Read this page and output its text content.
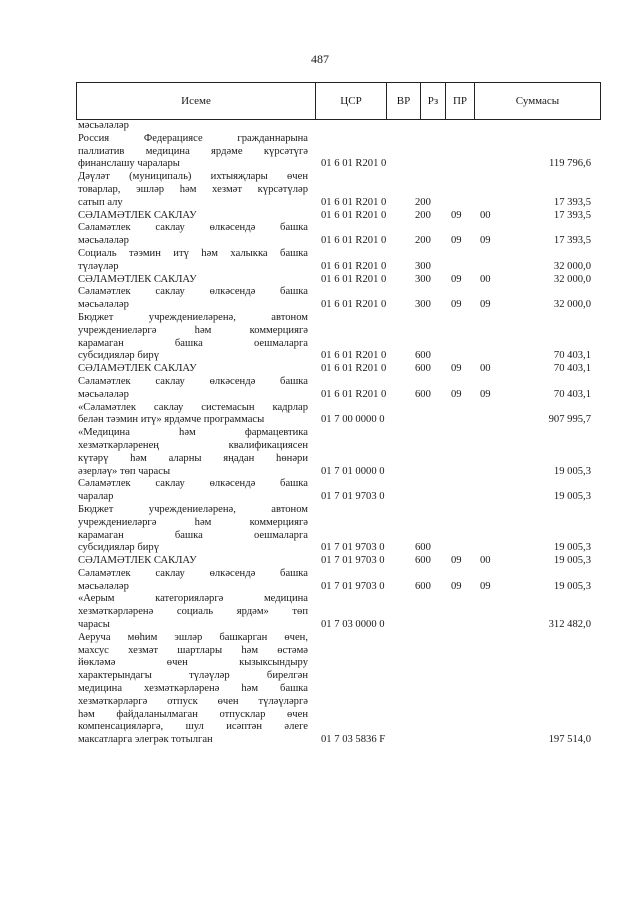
487
Исеме	ЦСР	ВР	Рз	ПР	Суммасы
мәсьәләләр
Россия Федерациясе гражданнарына
паллиатив медицина ярдәме күрсәтүгә
финанслашу чаралары	01 6 01 R201 0	119 796,6
Дәүләт (муниципаль) ихтыяҗлары өчен
товарлар, эшләр һәм хезмәт күрсәтүләр
сатып алу	01 6 01 R201 0	200	17 393,5
СӘЛАМӘТЛЕК САКЛАУ	01 6 01 R201 0	200 09 00	17 393,5
Сәламәтлек саклау өлкәсендә башка
мәсьәләләр	01 6 01 R201 0	200 09 09	17 393,5
Социаль тәэмин итү һәм халыкка башка
түләүләр	01 6 01 R201 0	300	32 000,0
СӘЛАМӘТЛЕК САКЛАУ	01 6 01 R201 0	300 09 00	32 000,0
Сәламәтлек саклау өлкәсендә башка
мәсьәләләр	01 6 01 R201 0	300 09 09	32 000,0
Бюджет учреждениеләренә, автоном
учреждениеләргә һәм коммерциягә
карамаган башка оешмаларга
субсидияләр бирү	01 6 01 R201 0	600	70 403,1
СӘЛАМӘТЛЕК САКЛАУ	01 6 01 R201 0	600 09 00	70 403,1
Сәламәтлек саклау өлкәсендә башка
мәсьәләләр	01 6 01 R201 0	600 09 09	70 403,1
«Сәламәтлек саклау системасын кадрлар
белән тәэмин итү» ярдәмче программасы	01 7 00 0000 0	907 995,7
«Медицина һәм фармацевтика
хезмәткәрләренең квалификациясен
күтәрү һәм аларны яңадан һөнәри
әзерләү» төп чарасы	01 7 01 0000 0	19 005,3
Сәламәтлек саклау өлкәсендә башка
чаралар	01 7 01 9703 0	19 005,3
Бюджет учреждениеләренә, автоном
учреждениеләргә һәм коммерциягә
карамаган башка оешмаларга
субсидияләр бирү	01 7 01 9703 0	600	19 005,3
СӘЛАМӘТЛЕК САКЛАУ	01 7 01 9703 0	600 09 00	19 005,3
Сәламәтлек саклау өлкәсендә башка
мәсьәләләр	01 7 01 9703 0	600 09 09	19 005,3
«Аерым категорияләргә медицина
хезмәткәрләренә социаль ярдәм» төп
чарасы	01 7 03 0000 0	312 482,0
Аеруча мөһим эшләр башкарган өчен,
махсус хезмәт шартлары һәм өстәмә
йөкләмә өчен кызыксындыру
характерындагы түләүләр бирелгән
медицина хезмәткәрләренә һәм башка
хезмәткәрләргә отпуск өчен түләүләргә
һәм файдаланылмаган отпусклар өчен
компенсацияләргә, шул исәптән әлеге
максатларга элегрәк тотылган	01 7 03 5836 F	197 514,0
